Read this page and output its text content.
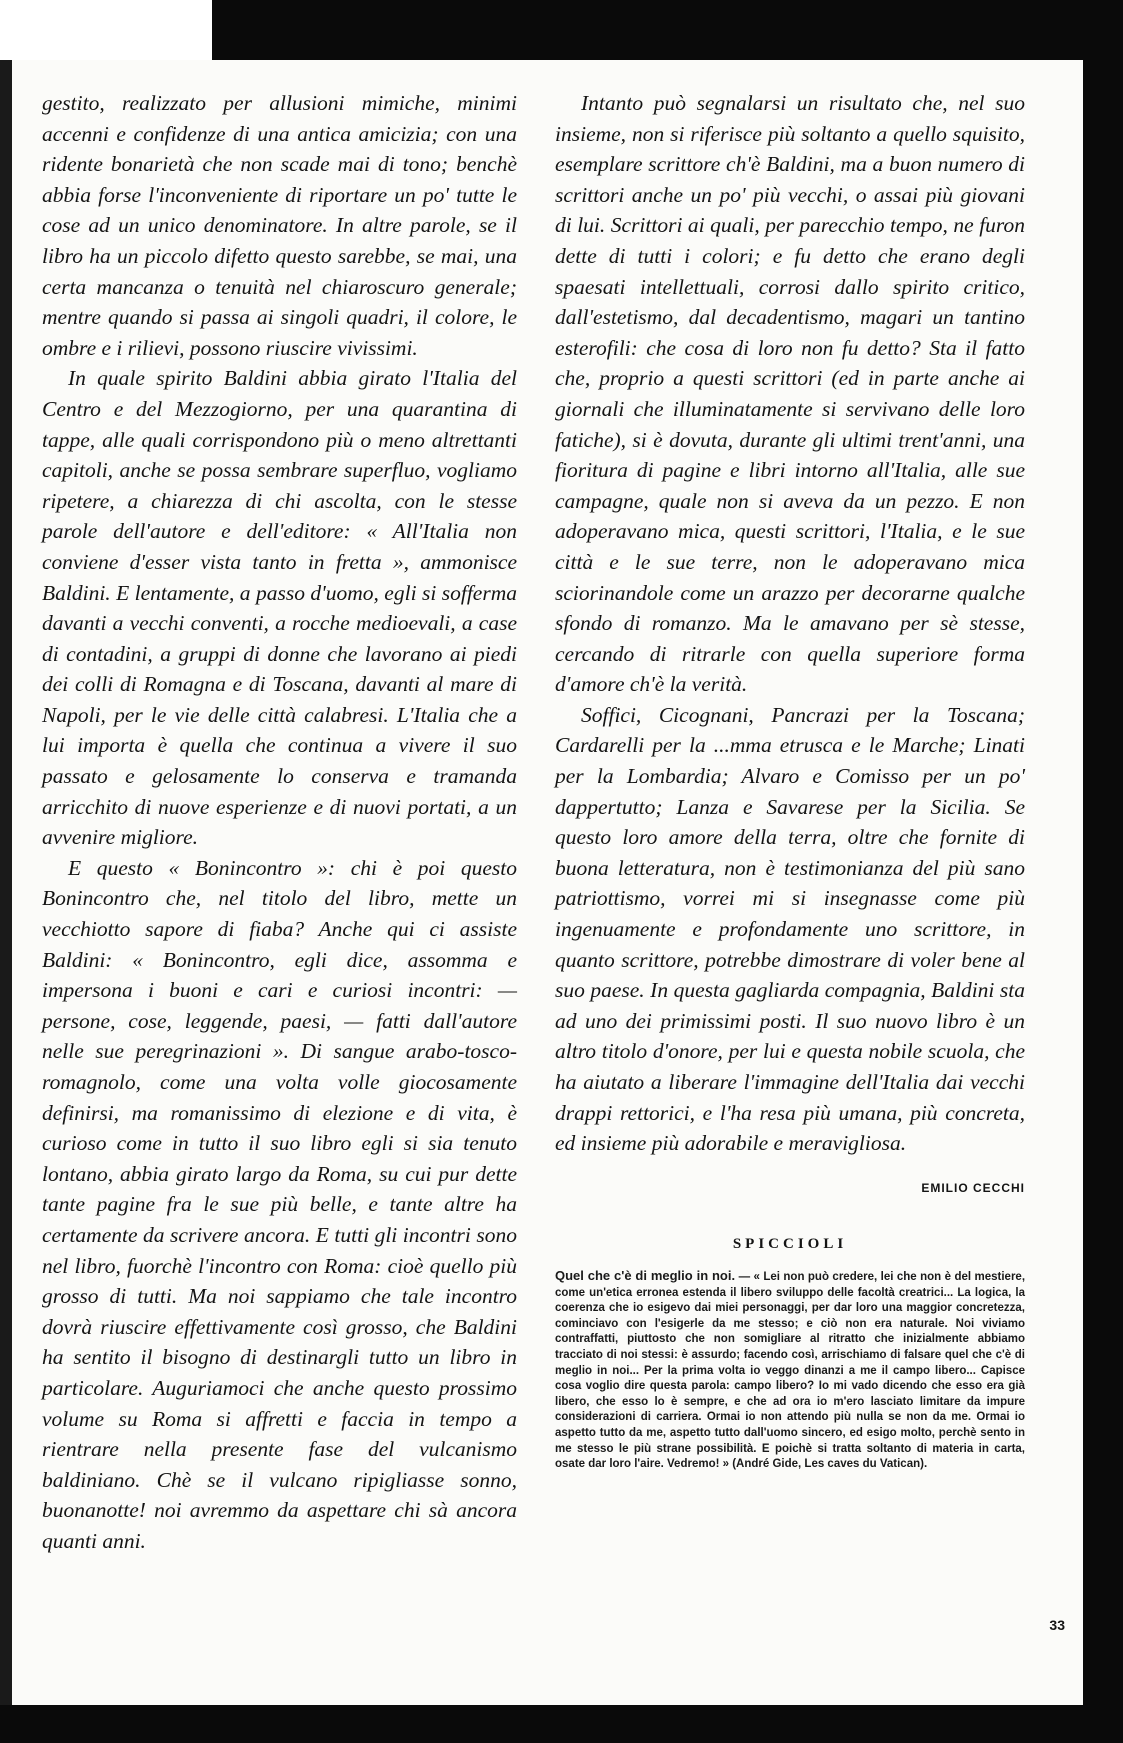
gestito, realizzato per allusioni mimiche, minimi accenni e confidenze di una antica amicizia; con una ridente bonarietà che non scade mai di tono; benchè abbia forse l'inconveniente di riportare un po' tutte le cose ad un unico denominatore. In altre parole, se il libro ha un piccolo difetto questo sarebbe, se mai, una certa mancanza o tenuità nel chiaroscuro generale; mentre quando si passa ai singoli quadri, il colore, le ombre e i rilievi, possono riuscire vivissimi.

In quale spirito Baldini abbia girato l'Italia del Centro e del Mezzogiorno, per una quarantina di tappe, alle quali corrispondono più o meno altrettanti capitoli, anche se possa sembrare superfluo, vogliamo ripetere, a chiarezza di chi ascolta, con le stesse parole dell'autore e dell'editore: « All'Italia non conviene d'esser vista tanto in fretta », ammonisce Baldini. E lentamente, a passo d'uomo, egli si sofferma davanti a vecchi conventi, a rocche medioevali, a case di contadini, a gruppi di donne che lavorano ai piedi dei colli di Romagna e di Toscana, davanti al mare di Napoli, per le vie delle città calabresi. L'Italia che a lui importa è quella che continua a vivere il suo passato e gelosamente lo conserva e tramanda arricchito di nuove esperienze e di nuovi portati, a un avvenire migliore.

E questo « Bonincontro »: chi è poi questo Bonincontro che, nel titolo del libro, mette un vecchiotto sapore di fiaba? Anche qui ci assiste Baldini: « Bonincontro, egli dice, assomma e impersona i buoni e cari e curiosi incontri: — persone, cose, leggende, paesi, — fatti dall'autore nelle sue peregrinazioni ». Di sangue arabo-tosco-romagnolo, come una volta volle giocosamente definirsi, ma romanissimo di elezione e di vita, è curioso come in tutto il suo libro egli si sia tenuto lontano, abbia girato largo da Roma, su cui pur dette tante pagine fra le sue più belle, e tante altre ha certamente da scrivere ancora. E tutti gli incontri sono nel libro, fuorchè l'incontro con Roma: cioè quello più grosso di tutti. Ma noi sappiamo che tale incontro dovrà riuscire effettivamente così grosso, che Baldini ha sentito il bisogno di destinargli tutto un libro in particolare. Auguriamoci che anche questo prossimo volume su Roma si affretti e faccia in tempo a rientrare nella presente fase del vulcanismo baldiniano. Chè se il vulcano ripigliasse sonno, buonanotte! noi avremmo da aspettare chi sà ancora quanti anni.

Intanto può segnalarsi un risultato che, nel suo insieme, non si riferisce più soltanto a quello squisito, esemplare scrittore ch'è Baldini, ma a buon numero di scrittori anche un po' più vecchi, o assai più giovani di lui. Scrittori ai quali, per parecchio tempo, ne furon dette di tutti i colori; e fu detto che erano degli spaesati intellettuali, corrosi dallo spirito critico, dall'estetismo, dal decadentismo, magari un tantino esterofili: che cosa di loro non fu detto? Sta il fatto che, proprio a questi scrittori (ed in parte anche ai giornali che illuminatamente si servivano delle loro fatiche), si è dovuta, durante gli ultimi trent'anni, una fioritura di pagine e libri intorno all'Italia, alle sue campagne, quale non si aveva da un pezzo. E non adoperavano mica, questi scrittori, l'Italia, e le sue città e le sue terre, non le adoperavano mica sciorinandole come un arazzo per decorarne qualche sfondo di romanzo. Ma le amavano per sè stesse, cercando di ritrarle con quella superiore forma d'amore ch'è la verità.

Soffici, Cicognani, Pancrazi per la Toscana; Cardarelli per la ...mma etrusca e le Marche; Linati per la Lombardia; Alvaro e Comisso per un po' dappertutto; Lanza e Savarese per la Sicilia. Se questo loro amore della terra, oltre che fornite di buona letteratura, non è testimonianza del più sano patriottismo, vorrei mi si insegnasse come più ingenuamente e profondamente uno scrittore, in quanto scrittore, potrebbe dimostrare di voler bene al suo paese. In questa gagliarda compagnia, Baldini sta ad uno dei primissimi posti. Il suo nuovo libro è un altro titolo d'onore, per lui e questa nobile scuola, che ha aiutato a liberare l'immagine dell'Italia dai vecchi drappi rettorici, e l'ha resa più umana, più concreta, ed insieme più adorabile e meravigliosa.

EMILIO CECCHI
SPICCIOLI
Quel che c'è di meglio in noi. — « Lei non può credere, lei che non è del mestiere, come un'etica erronea estenda il libero sviluppo delle facoltà creatrici... La logica, la coerenza che io esigevo dai miei personaggi, per dar loro una maggior concretezza, cominciavo con l'esigerle da me stesso; e ciò non era naturale. Noi viviamo contraffatti, piuttosto che non somigliare al ritratto che inizialmente abbiamo tracciato di noi stessi: è assurdo; facendo così, arrischiamo di falsare quel che c'è di meglio in noi... Per la prima volta io veggo dinanzi a me il campo libero... Capisce cosa voglio dire questa parola: campo libero? Io mi vado dicendo che esso era già libero, che esso lo è sempre, e che ad ora io m'ero lasciato limitare da impure considerazioni di carriera. Ormai io non attendo più nulla se non da me. Ormai io aspetto tutto da me, aspetto tutto dall'uomo sincero, ed esigo molto, perchè sento in me stesso le più strane possibilità. E poichè si tratta soltanto di materia in carta, osate dar loro l'aire. Vedremo! » (André Gide, Les caves du Vatican).
33
